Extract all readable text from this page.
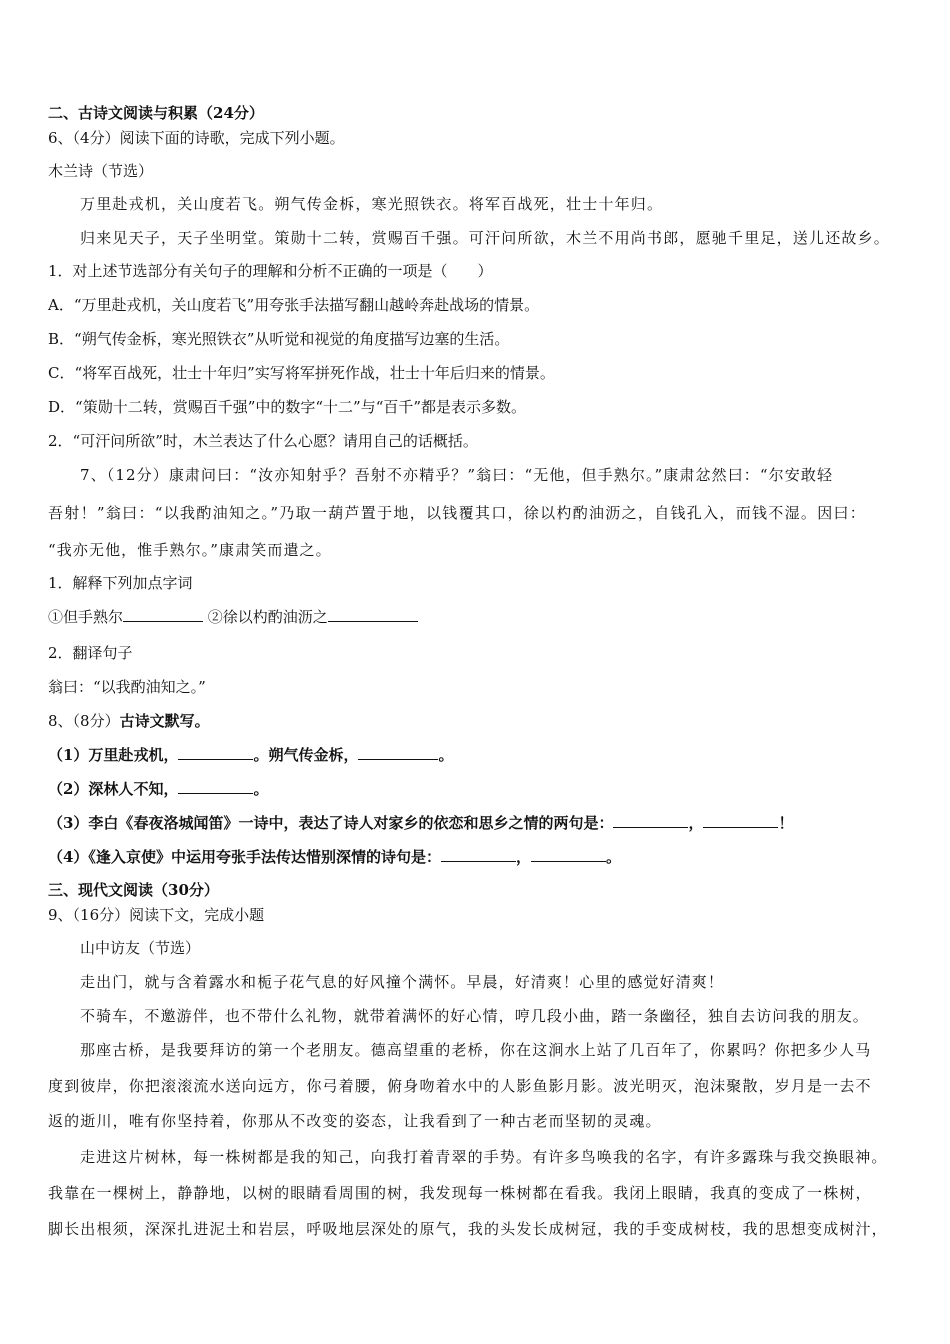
二、古诗文阅读与积累（24分）
6、（4分）阅读下面的诗歌，完成下列小题。
木兰诗（节选）
万里赴戎机，关山度若飞。朔气传金柝，寒光照铁衣。将军百战死，壮士十年归。
归来见天子，天子坐明堂。策勋十二转，赏赐百千强。可汗问所欲，木兰不用尚书郎，愿驰千里足，送儿还故乡。
1．对上述节选部分有关句子的理解和分析不正确的一项是（　　）
A．“万里赴戎机，关山度若飞”用夸张手法描写翻山越岭奔赴战场的情景。
B．“朔气传金柝，寒光照铁衣”从听觉和视觉的角度描写边塞的生活。
C．“将军百战死，壮士十年归”实写将军拼死作战，壮士十年后归来的情景。
D．“策勋十二转，赏赐百千强”中的数字“十二”与“百千”都是表示多数。
2．“可汗问所欲”时，木兰表达了什么心愿？请用自己的话概括。
7、（12分）康肃问曰：“汝亦知射乎？吾射不亦精乎？”翁曰：“无他，但手熟尔。”康肃忿然曰：“尔安敢轻
吾射！”翁曰：“以我酌油知之。”乃取一葫芦置于地，以钱覆其口，徐以杓酌油沥之，自钱孔入，而钱不湿。因曰：
“我亦无他，惟手熟尔。”康肃笑而遣之。
1．解释下列加点字词
①但手熟尔	②徐以杓酌油沥之
2．翻译句子
翁曰：“以我酌油知之。”
8、（8分）古诗文默写。
（1）万里赴戎机，	。朔气传金柝，	。
（2）深林人不知，	。
（3）李白《春夜洛城闻笛》一诗中，表达了诗人对家乡的依恋和思乡之情的两句是：	，	！
（4）《逢入京使》中运用夸张手法传达惜别深情的诗句是：	，	。
三、现代文阅读（30分）
9、（16分）阅读下文，完成小题
山中访友（节选）
走出门，就与含着露水和栀子花气息的好风撞个满怀。早晨，好清爽！心里的感觉好清爽！
不骑车，不邀游伴，也不带什么礼物，就带着满怀的好心情，哼几段小曲，踏一条幽径，独自去访问我的朋友。
那座古桥，是我要拜访的第一个老朋友。德高望重的老桥，你在这涧水上站了几百年了，你累吗？你把多少人马
度到彼岸，你把滚滚流水送向远方，你弓着腰，俯身吻着水中的人影鱼影月影。波光明灭，泡沫聚散，岁月是一去不
返的逝川，唯有你坚持着，你那从不改变的姿态，让我看到了一种古老而坚韧的灵魂。
走进这片树林，每一株树都是我的知己，向我打着青翠的手势。有许多鸟唤我的名字，有许多露珠与我交换眼神。
我靠在一棵树上，静静地，以树的眼睛看周围的树，我发现每一株树都在看我。我闭上眼睛，我真的变成了一株树，
脚长出根须，深深扎进泥土和岩层，呼吸地层深处的原气，我的头发长成树冠，我的手变成树枝，我的思想变成树汁，
